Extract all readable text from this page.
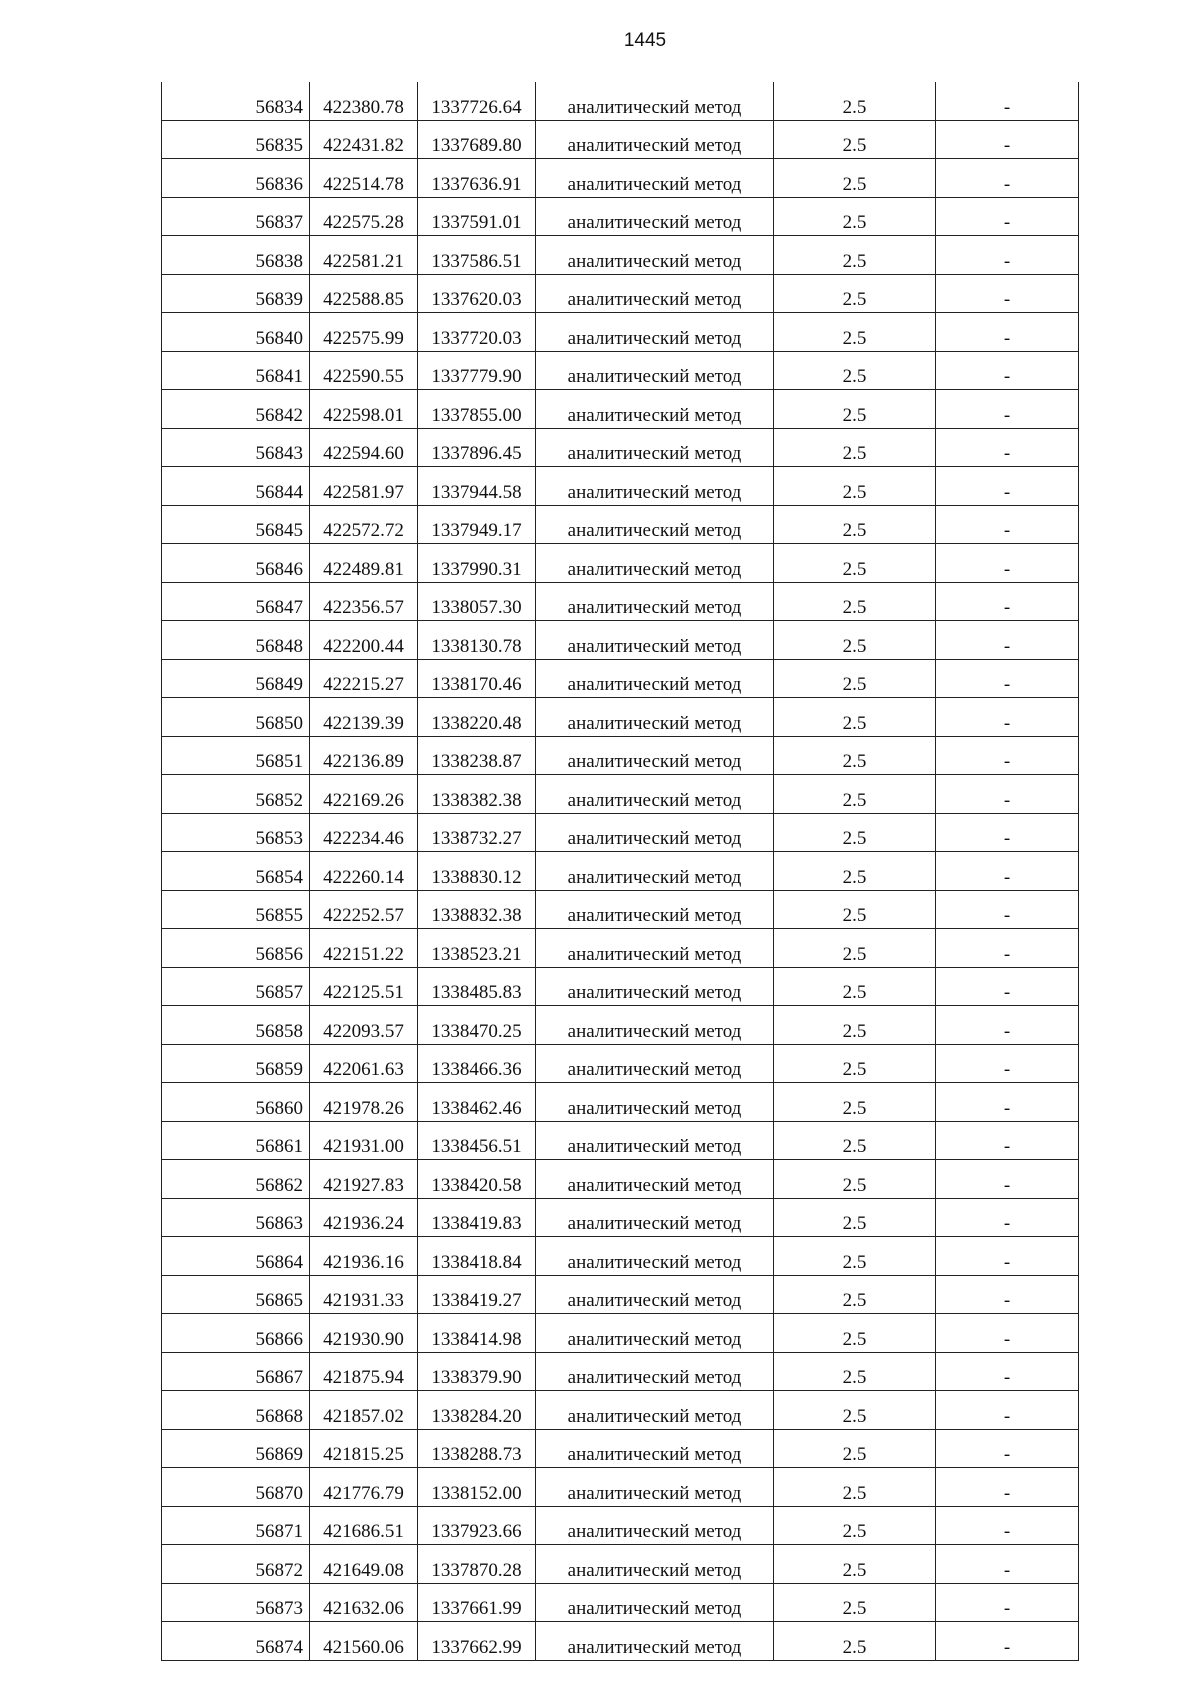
1445
56834	422380.78	1337726.64	аналитический метод	2.5	-
56835	422431.82	1337689.80	аналитический метод	2.5	-
56836	422514.78	1337636.91	аналитический метод	2.5	-
56837	422575.28	1337591.01	аналитический метод	2.5	-
56838	422581.21	1337586.51	аналитический метод	2.5	-
56839	422588.85	1337620.03	аналитический метод	2.5	-
56840	422575.99	1337720.03	аналитический метод	2.5	-
56841	422590.55	1337779.90	аналитический метод	2.5	-
56842	422598.01	1337855.00	аналитический метод	2.5	-
56843	422594.60	1337896.45	аналитический метод	2.5	-
56844	422581.97	1337944.58	аналитический метод	2.5	-
56845	422572.72	1337949.17	аналитический метод	2.5	-
56846	422489.81	1337990.31	аналитический метод	2.5	-
56847	422356.57	1338057.30	аналитический метод	2.5	-
56848	422200.44	1338130.78	аналитический метод	2.5	-
56849	422215.27	1338170.46	аналитический метод	2.5	-
56850	422139.39	1338220.48	аналитический метод	2.5	-
56851	422136.89	1338238.87	аналитический метод	2.5	-
56852	422169.26	1338382.38	аналитический метод	2.5	-
56853	422234.46	1338732.27	аналитический метод	2.5	-
56854	422260.14	1338830.12	аналитический метод	2.5	-
56855	422252.57	1338832.38	аналитический метод	2.5	-
56856	422151.22	1338523.21	аналитический метод	2.5	-
56857	422125.51	1338485.83	аналитический метод	2.5	-
56858	422093.57	1338470.25	аналитический метод	2.5	-
56859	422061.63	1338466.36	аналитический метод	2.5	-
56860	421978.26	1338462.46	аналитический метод	2.5	-
56861	421931.00	1338456.51	аналитический метод	2.5	-
56862	421927.83	1338420.58	аналитический метод	2.5	-
56863	421936.24	1338419.83	аналитический метод	2.5	-
56864	421936.16	1338418.84	аналитический метод	2.5	-
56865	421931.33	1338419.27	аналитический метод	2.5	-
56866	421930.90	1338414.98	аналитический метод	2.5	-
56867	421875.94	1338379.90	аналитический метод	2.5	-
56868	421857.02	1338284.20	аналитический метод	2.5	-
56869	421815.25	1338288.73	аналитический метод	2.5	-
56870	421776.79	1338152.00	аналитический метод	2.5	-
56871	421686.51	1337923.66	аналитический метод	2.5	-
56872	421649.08	1337870.28	аналитический метод	2.5	-
56873	421632.06	1337661.99	аналитический метод	2.5	-
56874	421560.06	1337662.99	аналитический метод	2.5	-
